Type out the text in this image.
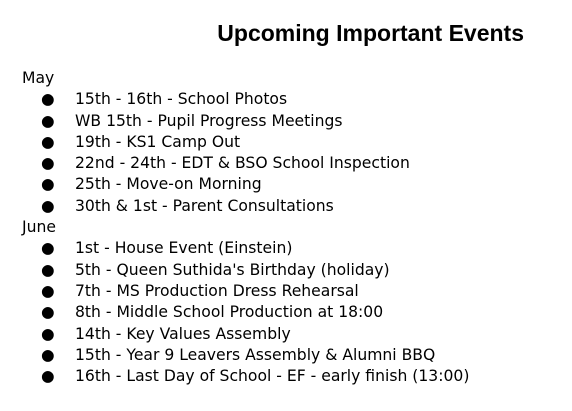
Upcoming Important Events
May
● 15th - 16th - School Photos
● WB 15th - Pupil Progress Meetings
● 19th - KS1 Camp Out
● 22nd - 24th - EDT & BSO School Inspection
● 25th - Move-on Morning
● 30th & 1st - Parent Consultations
June
● 1st - House Event (Einstein)
● 5th - Queen Suthida's Birthday (holiday)
● 7th - MS Production Dress Rehearsal
● 8th - Middle School Production at 18:00
● 14th - Key Values Assembly
● 15th - Year 9 Leavers Assembly & Alumni BBQ
● 16th - Last Day of School - EF - early finish (13:00)
